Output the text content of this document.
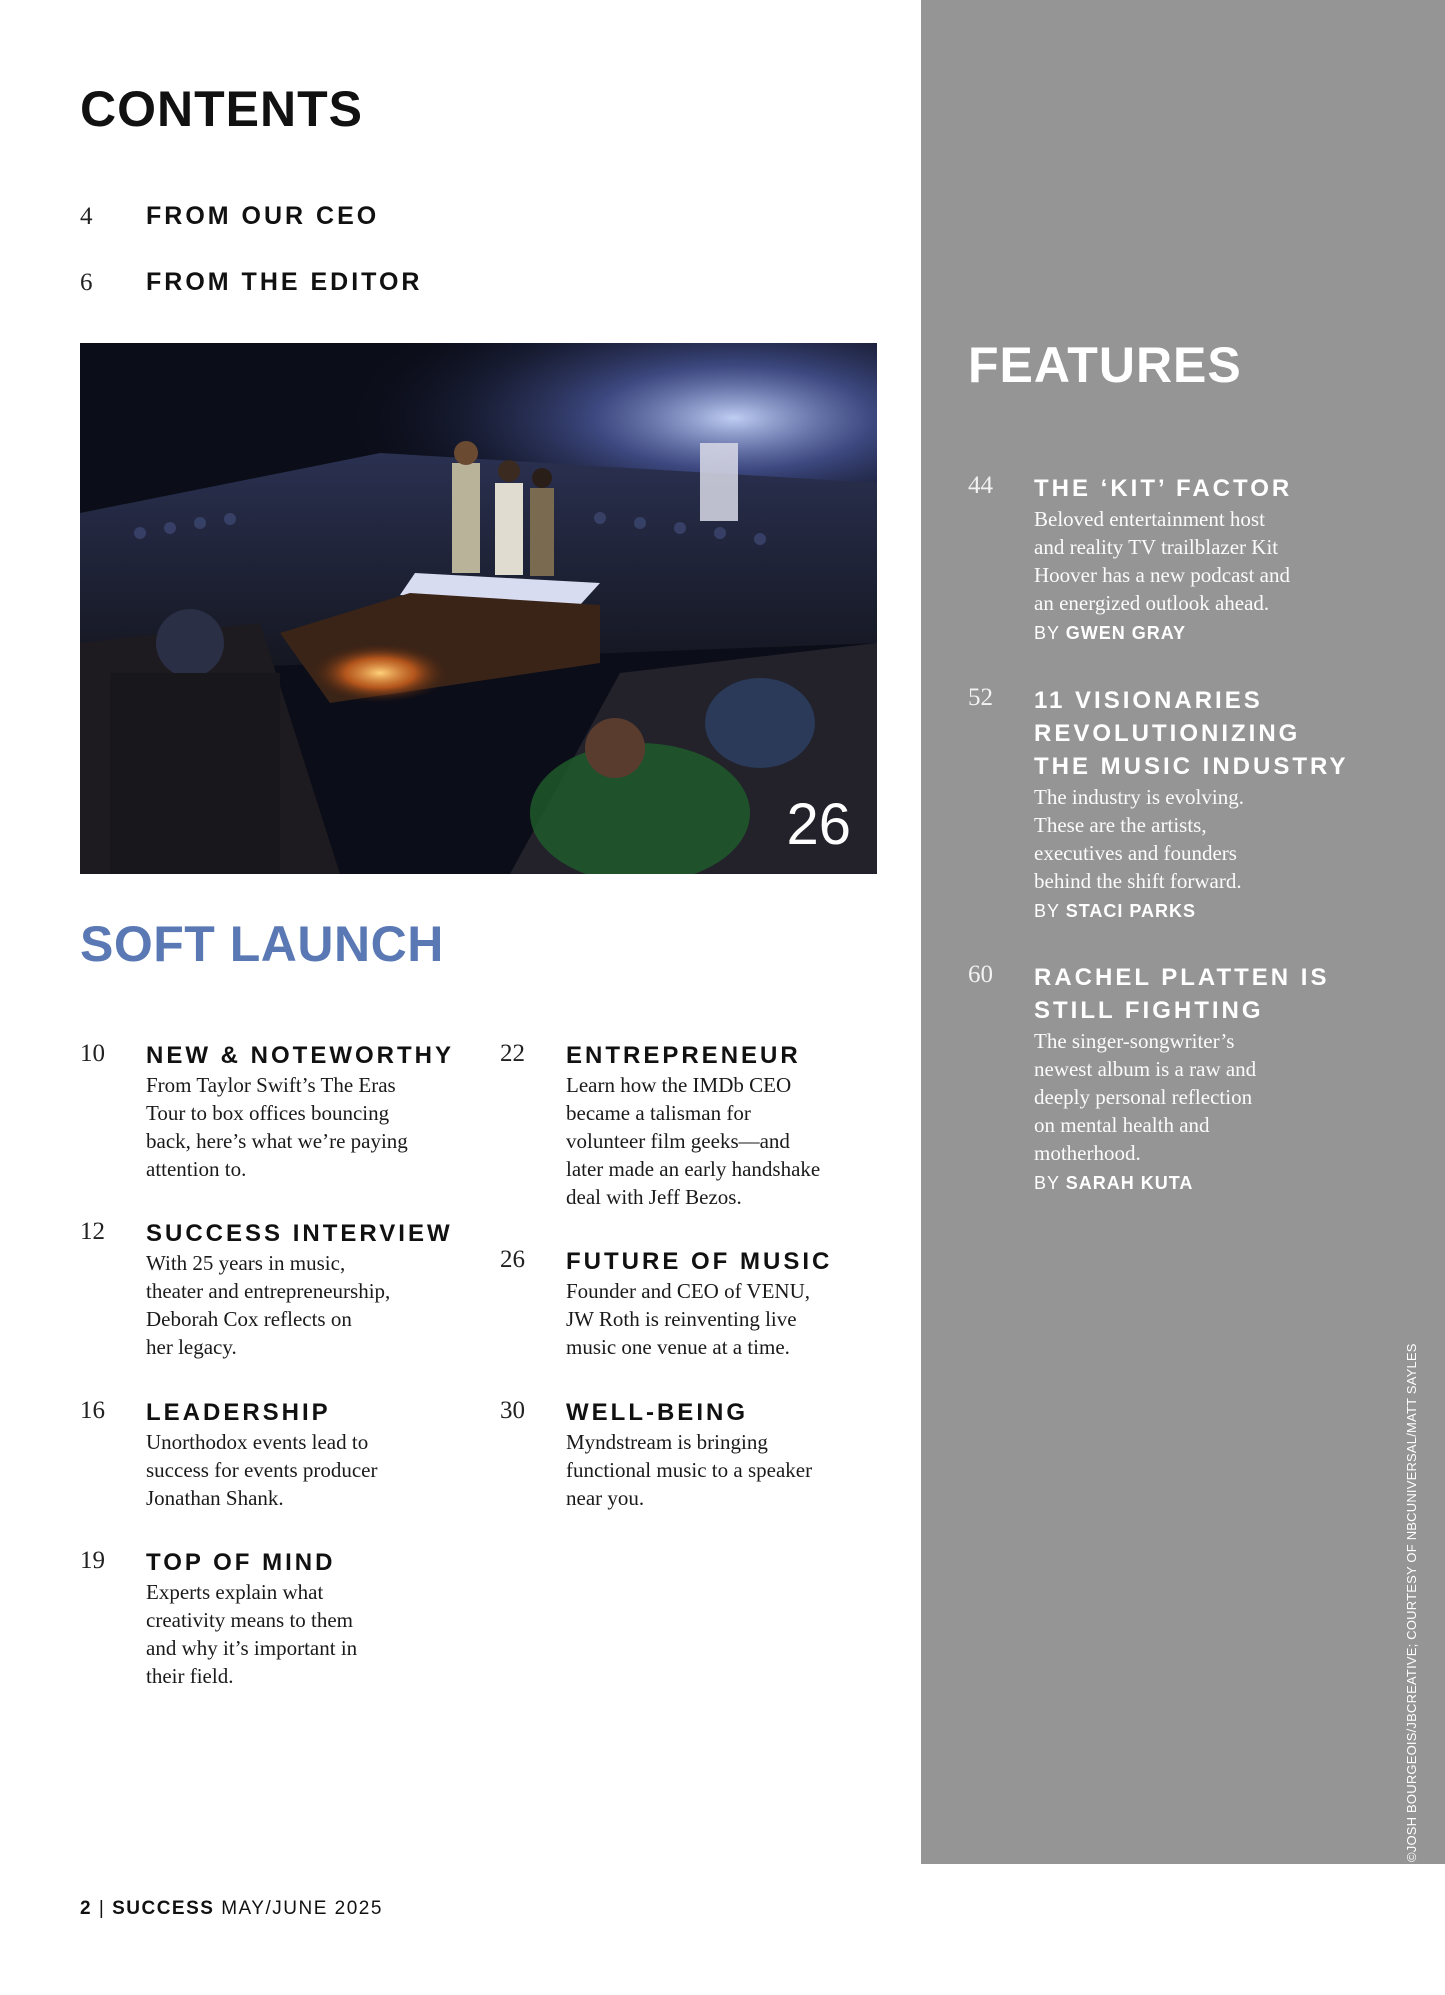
CONTENTS
4	FROM OUR CEO
6	FROM THE EDITOR
26
SOFT LAUNCH
10 NEW & NOTEWORTHY
From Taylor Swift’s The Eras
Tour to box offices bouncing
back, here’s what we’re paying
attention to.
12 SUCCESS INTERVIEW
With 25 years in music,
theater and entrepreneurship,
Deborah Cox reflects on
her legacy.
16 LEADERSHIP
Unorthodox events lead to
success for events producer
Jonathan Shank.
19 TOP OF MIND
Experts explain what
creativity means to them
and why it’s important in
their field.
22 ENTREPRENEUR
Learn how the IMDb CEO
became a talisman for
volunteer film geeks—and
later made an early handshake
deal with Jeff Bezos.
26 FUTURE OF MUSIC
Founder and CEO of VENU,
JW Roth is reinventing live
music one venue at a time.
30 WELL-BEING
Myndstream is bringing
functional music to a speaker
near you.
FEATURES
44 THE ‘KIT’ FACTOR
Beloved entertainment host
and reality TV trailblazer Kit
Hoover has a new podcast and
an energized outlook ahead.
BY GWEN GRAY
52 11 VISIONARIES
REVOLUTIONIZING
THE MUSIC INDUSTRY
The industry is evolving.
These are the artists,
executives and founders
behind the shift forward.
BY STACI PARKS
60 RACHEL PLATTEN IS
STILL FIGHTING
The singer-songwriter’s
newest album is a raw and
deeply personal reflection
on mental health and
motherhood.
BY SARAH KUTA
©JOSH BOURGEOIS/JBCREATIVE; COURTESY OF NBCUNIVERSAL/MATT SAYLES
2 | SUCCESS MAY/JUNE 2025
